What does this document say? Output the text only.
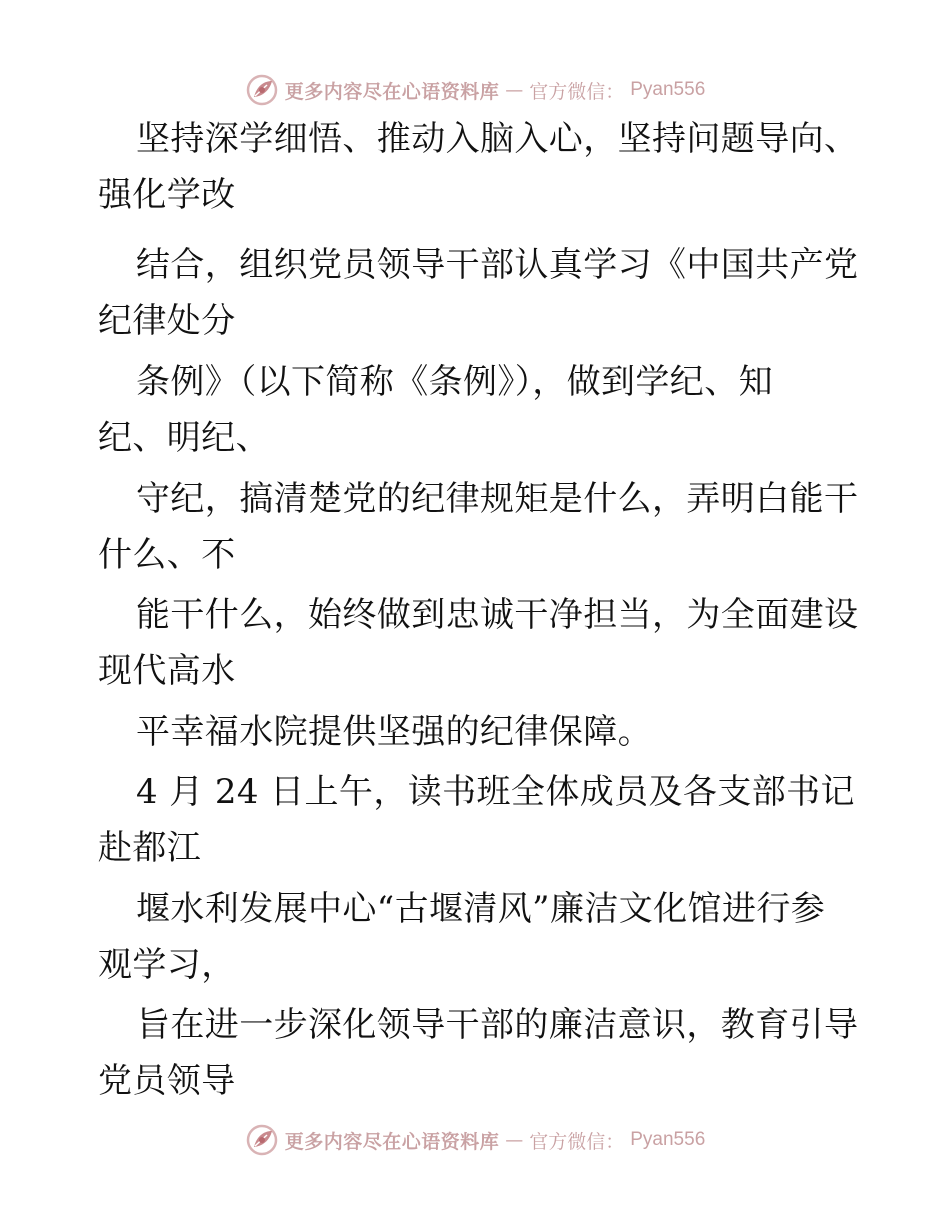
更多内容尽在心语资料库 — 官方微信： Pyan556
坚持深学细悟、推动入脑入心，坚持问题导向、
强化学改
结合，组织党员领导干部认真学习《中国共产党
纪律处分
条例》（以下简称《条例》），做到学纪、知
纪、明纪、
守纪，搞清楚党的纪律规矩是什么，弄明白能干
什么、不
能干什么，始终做到忠诚干净担当，为全面建设
现代高水
平幸福水院提供坚强的纪律保障。
4 月 24 日上午，读书班全体成员及各支部书记
赴都江
堰水利发展中心“古堰清风”廉洁文化馆进行参
观学习，
旨在进一步深化领导干部的廉洁意识，教育引导
党员领导
更多内容尽在心语资料库 — 官方微信： Pyan556
